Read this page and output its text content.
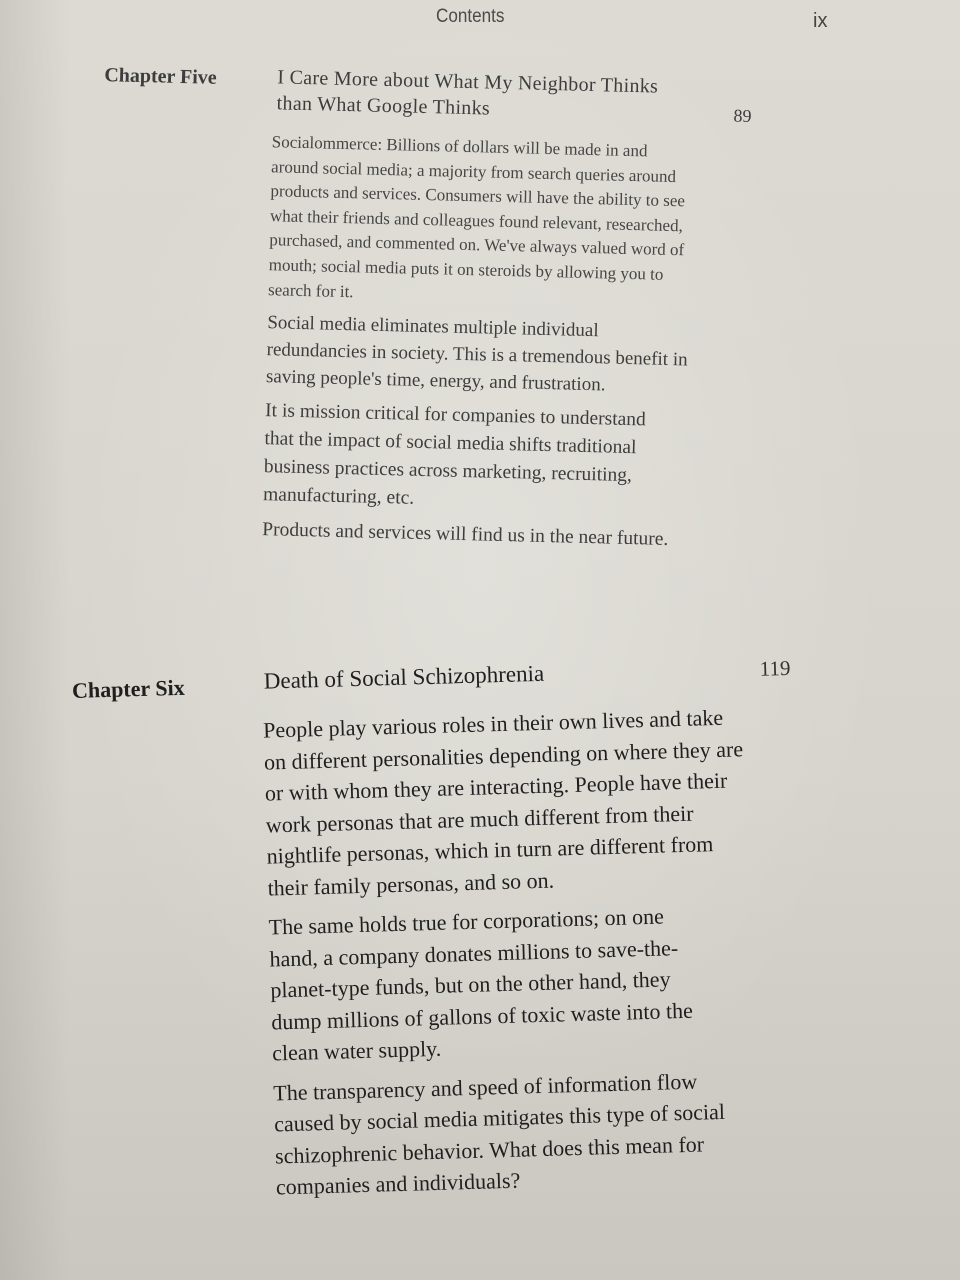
Contents	ix
Chapter Five	I Care More about What My Neighbor Thinks than What Google Thinks	89

Socialommerce: Billions of dollars will be made in and around social media; a majority from search queries around products and services. Consumers will have the ability to see what their friends and colleagues found relevant, researched, purchased, and commented on. We've always valued word of mouth; social media puts it on steroids by allowing you to search for it.

Social media eliminates multiple individual redundancies in society. This is a tremendous benefit in saving people's time, energy, and frustration.

It is mission critical for companies to understand that the impact of social media shifts traditional business practices across marketing, recruiting, manufacturing, etc.

Products and services will find us in the near future.

Chapter Six	Death of Social Schizophrenia	119

People play various roles in their own lives and take on different personalities depending on where they are or with whom they are interacting. People have their work personas that are much different from their nightlife personas, which in turn are different from their family personas, and so on.

The same holds true for corporations; on one hand, a company donates millions to save-the-planet-type funds, but on the other hand, they dump millions of gallons of toxic waste into the clean water supply.

The transparency and speed of information flow caused by social media mitigates this type of social schizophrenic behavior. What does this mean for companies and individuals?
